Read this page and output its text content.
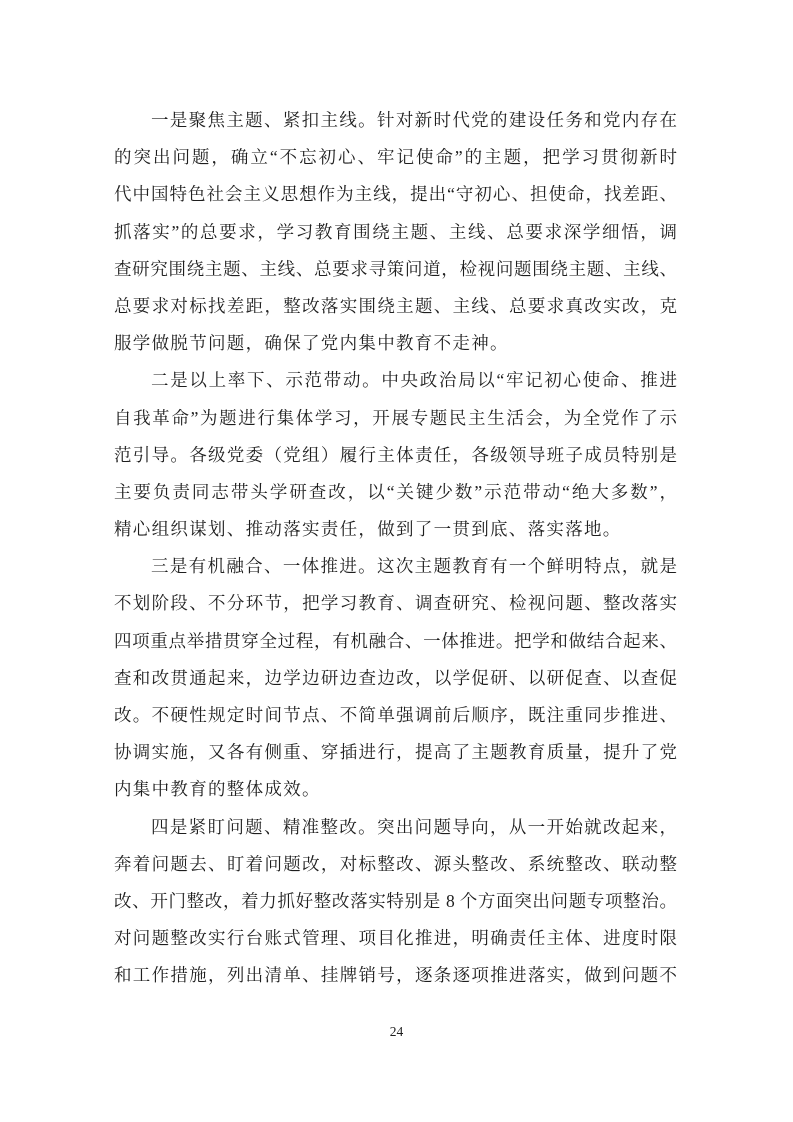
一是聚焦主题、紧扣主线。针对新时代党的建设任务和党内存在
的突出问题，确立“不忘初心、牢记使命”的主题，把学习贯彻新时
代中国特色社会主义思想作为主线，提出“守初心、担使命，找差距、
抓落实”的总要求，学习教育围绕主题、主线、总要求深学细悟，调
查研究围绕主题、主线、总要求寻策问道，检视问题围绕主题、主线、
总要求对标找差距，整改落实围绕主题、主线、总要求真改实改，克
服学做脱节问题，确保了党内集中教育不走神。
二是以上率下、示范带动。中央政治局以“牢记初心使命、推进
自我革命”为题进行集体学习，开展专题民主生活会，为全党作了示
范引导。各级党委（党组）履行主体责任，各级领导班子成员特别是
主要负责同志带头学研查改，以“关键少数”示范带动“绝大多数”，
精心组织谋划、推动落实责任，做到了一贯到底、落实落地。
三是有机融合、一体推进。这次主题教育有一个鲜明特点，就是
不划阶段、不分环节，把学习教育、调查研究、检视问题、整改落实
四项重点举措贯穿全过程，有机融合、一体推进。把学和做结合起来、
查和改贯通起来，边学边研边查边改，以学促研、以研促查、以查促
改。不硬性规定时间节点、不简单强调前后顺序，既注重同步推进、
协调实施，又各有侧重、穿插进行，提高了主题教育质量，提升了党
内集中教育的整体成效。
四是紧盯问题、精准整改。突出问题导向，从一开始就改起来，
奔着问题去、盯着问题改，对标整改、源头整改、系统整改、联动整
改、开门整改，着力抓好整改落实特别是 8 个方面突出问题专项整治。
对问题整改实行台账式管理、项目化推进，明确责任主体、进度时限
和工作措施，列出清单、挂牌销号，逐条逐项推进落实，做到问题不
24
